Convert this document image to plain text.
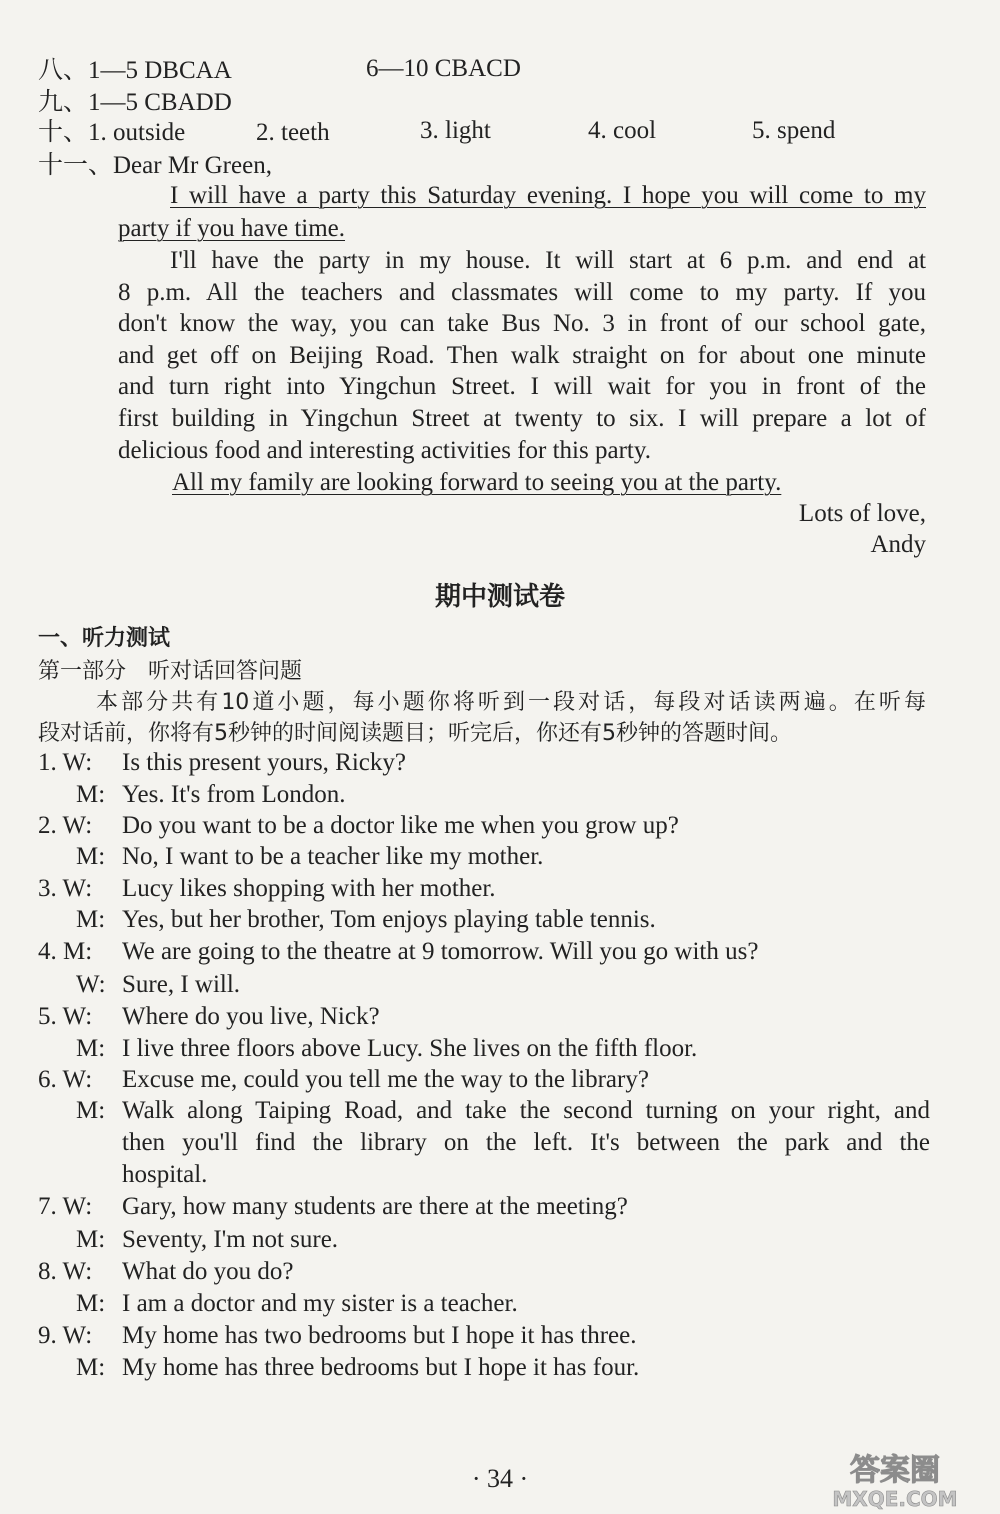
八、1—5 DBCAA	6—10 CBACD
九、1—5 CBADD
十、1. outside	2. teeth	3. light	4. cool	5. spend
十一、Dear Mr Green,
I will have a party this Saturday evening. I hope you will come to my
party if you have time.
I'll have the party in my house. It will start at 6 p.m. and end at
8 p.m. All the teachers and classmates will come to my party. If you
don't know the way, you can take Bus No. 3 in front of our school gate,
and get off on Beijing Road. Then walk straight on for about one minute
and turn right into Yingchun Street. I will wait for you in front of the
first building in Yingchun Street at twenty to six. I will prepare a lot of
delicious food and interesting activities for this party.
All my family are looking forward to seeing you at the party.
Lots of love,
Andy
期中测试卷
一、听力测试
第一部分　听对话回答问题
本部分共有10道小题，每小题你将听到一段对话，每段对话读两遍。在听每
段对话前，你将有5秒钟的时间阅读题目；听完后，你还有5秒钟的答题时间。
1. W: Is this present yours, Ricky?
M: Yes. It's from London.
2. W: Do you want to be a doctor like me when you grow up?
M: No, I want to be a teacher like my mother.
3. W: Lucy likes shopping with her mother.
M: Yes, but her brother, Tom enjoys playing table tennis.
4. M: We are going to the theatre at 9 tomorrow. Will you go with us?
W: Sure, I will.
5. W: Where do you live, Nick?
M: I live three floors above Lucy. She lives on the fifth floor.
6. W: Excuse me, could you tell me the way to the library?
M: Walk along Taiping Road, and take the second turning on your right, and
then you'll find the library on the left. It's between the park and the
hospital.
7. W: Gary, how many students are there at the meeting?
M: Seventy, I'm not sure.
8. W: What do you do?
M: I am a doctor and my sister is a teacher.
9. W: My home has two bedrooms but I hope it has three.
M: My home has three bedrooms but I hope it has four.
· 34 ·	答案圈
MXQE.COM
